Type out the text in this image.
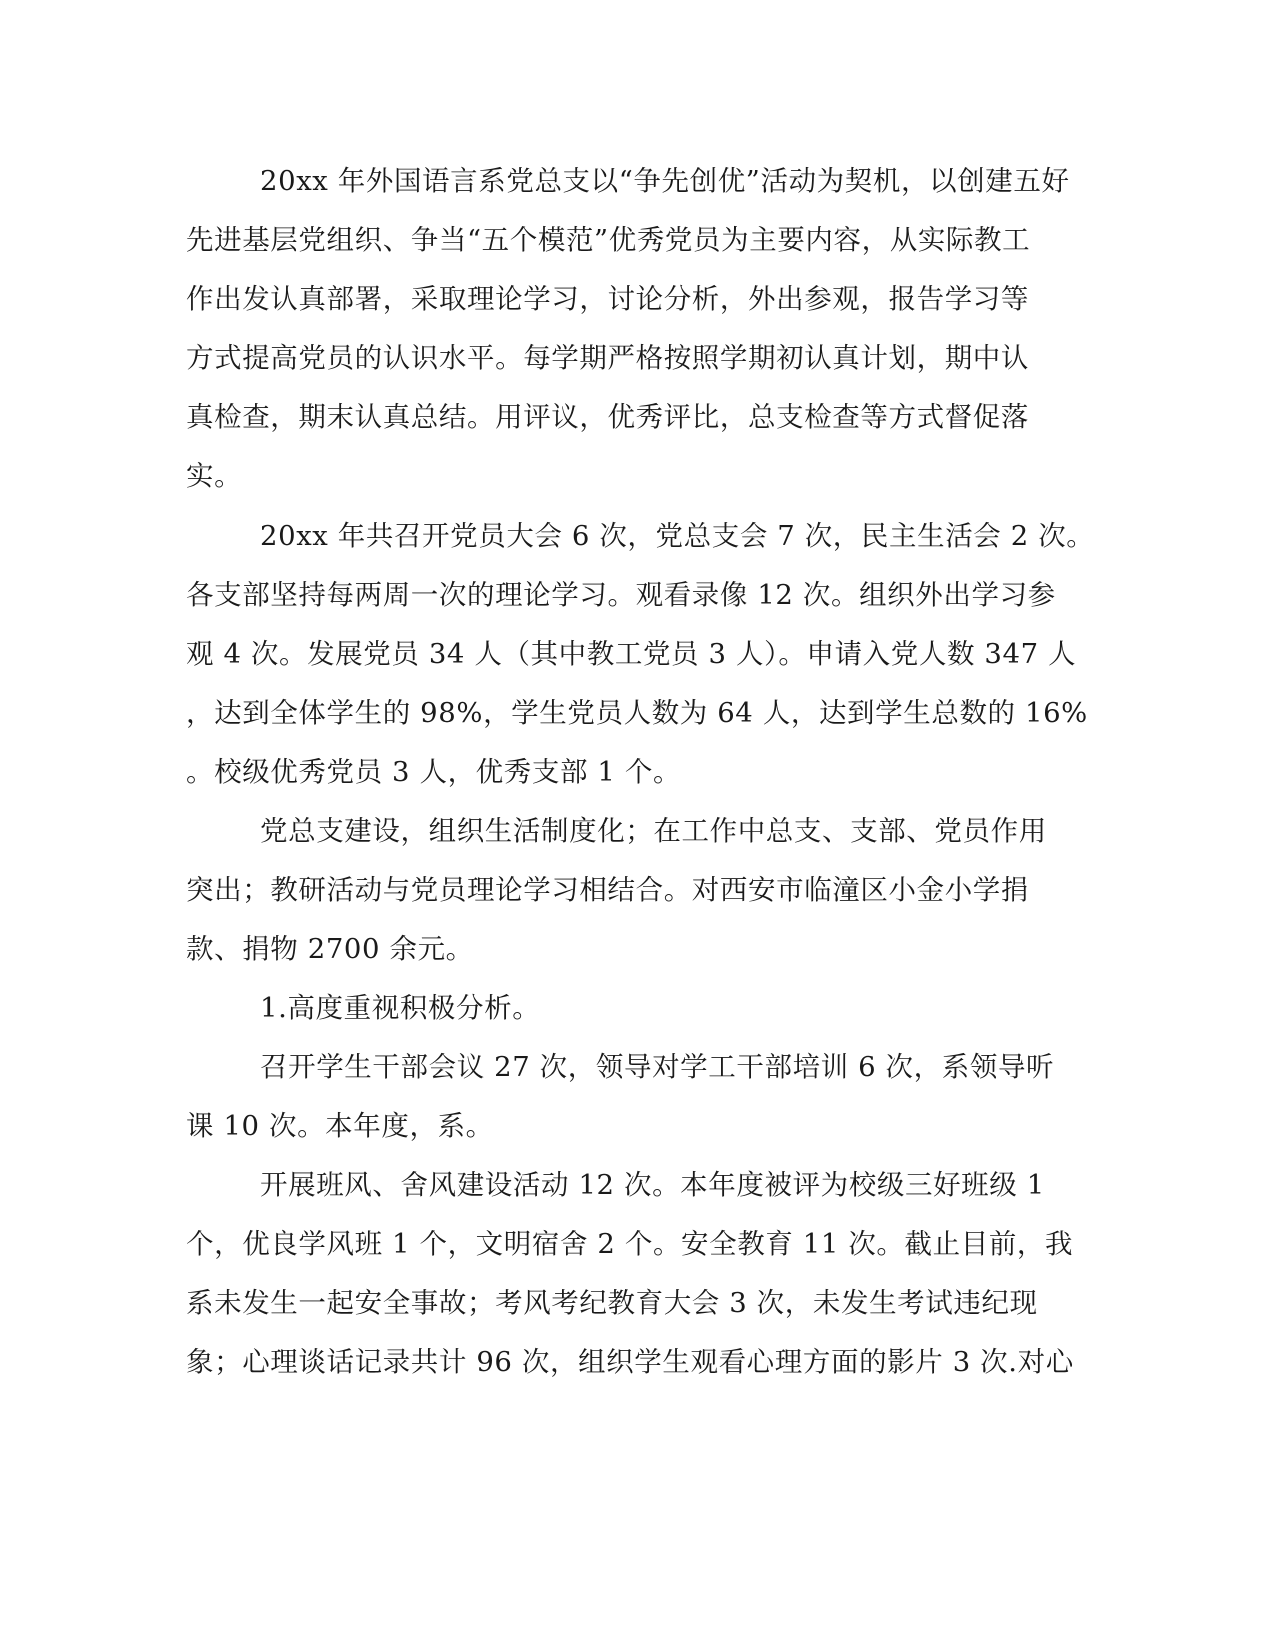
20xx 年外国语言系党总支以“争先创优”活动为契机，以创建五好
先进基层党组织、争当“五个模范”优秀党员为主要内容，从实际教工
作出发认真部署，采取理论学习，讨论分析，外出参观，报告学习等
方式提高党员的认识水平。每学期严格按照学期初认真计划，期中认
真检查，期末认真总结。用评议，优秀评比，总支检查等方式督促落
实。
20xx 年共召开党员大会 6 次，党总支会 7 次，民主生活会 2 次。
各支部坚持每两周一次的理论学习。观看录像 12 次。组织外出学习参
观 4 次。发展党员 34 人（其中教工党员 3 人）。申请入党人数 347 人
，达到全体学生的 98%，学生党员人数为 64 人，达到学生总数的 16%
。校级优秀党员 3 人，优秀支部 1 个。
党总支建设，组织生活制度化；在工作中总支、支部、党员作用
突出；教研活动与党员理论学习相结合。对西安市临潼区小金小学捐
款、捐物 2700 余元。
1.高度重视积极分析。
召开学生干部会议 27 次，领导对学工干部培训 6 次，系领导听
课 10 次。本年度，系。
开展班风、舍风建设活动 12 次。本年度被评为校级三好班级 1
个，优良学风班 1 个，文明宿舍 2 个。安全教育 11 次。截止目前，我
系未发生一起安全事故；考风考纪教育大会 3 次，未发生考试违纪现
象；心理谈话记录共计 96 次，组织学生观看心理方面的影片 3 次.对心
